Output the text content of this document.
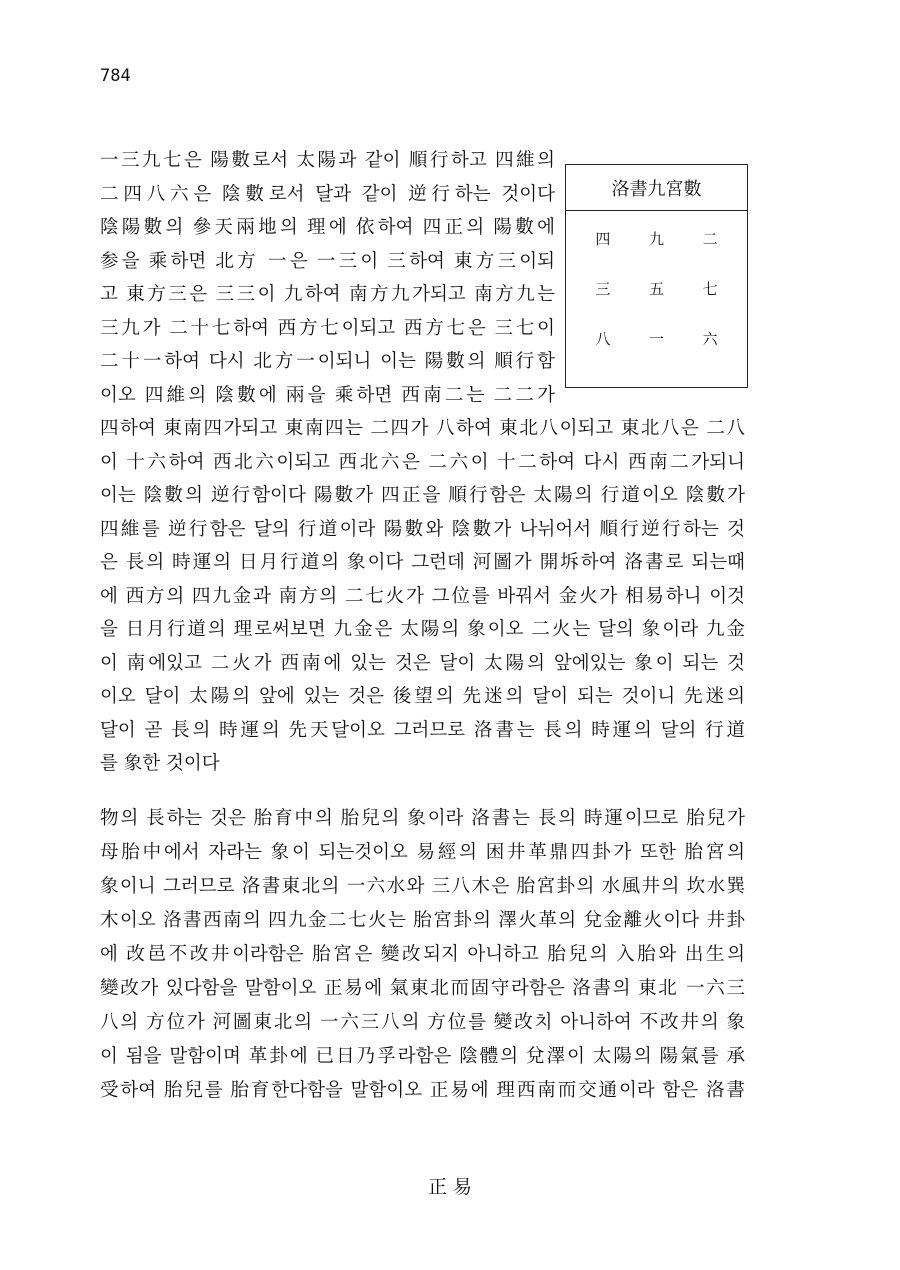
784
一三九七은 陽數로서 太陽과 같이 順行하고 四維의
二四八六은 陰數로서 달과 같이 逆行하는 것이다
陰陽數의 參天兩地의 理에 依하여 四正의 陽數에
参을 乘하면 北方 一은 一三이 三하여 東方三이되
고 東方三은 三三이 九하여 南方九가되고 南方九는
三九가 二十七하여 西方七이되고 西方七은 三七이
二十一하여 다시 北方一이되니 이는 陽數의 順行함
이오 四維의 陰數에 兩을 乘하면 西南二는 二二가
四하여 東南四가되고 東南四는 二四가 八하여 東北八이되고 東北八은 二八
이 十六하여 西北六이되고 西北六은 二六이 十二하여 다시 西南二가되니
이는 陰數의 逆行함이다 陽數가 四正을 順行함은 太陽의 行道이오 陰數가
四維를 逆行함은 달의 行道이라 陽數와 陰數가 나뉘어서 順行逆行하는 것
은 長의 時運의 日月行道의 象이다 그런데 河圖가 開坼하여 洛書로 되는때
에 西方의 四九金과 南方의 二七火가 그位를 바꿔서 金火가 相易하니 이것
을 日月行道의 理로써보면 九金은 太陽의 象이오 二火는 달의 象이라 九金
이 南에있고 二火가 西南에 있는 것은 달이 太陽의 앞에있는 象이 되는 것
이오 달이 太陽의 앞에 있는 것은 後望의 先迷의 달이 되는 것이니 先迷의
달이 곧 長의 時運의 先天달이오 그러므로 洛書는 長의 時運의 달의 行道
를 象한 것이다
洛書九宮數
四	九	二
三	五	七
八	一	六
物의 長하는 것은 胎育中의 胎兒의 象이라 洛書는 長의 時運이므로 胎兒가
母胎中에서 자라는 象이 되는것이오 易經의 困井革鼎四卦가 또한 胎宮의
象이니 그러므로 洛書東北의 一六水와 三八木은 胎宮卦의 水風井의 坎水巽
木이오 洛書西南의 四九金二七火는 胎宮卦의 澤火革의 兌金離火이다 井卦
에 改邑不改井이라함은 胎宮은 變改되지 아니하고 胎兒의 入胎와 出生의
變改가 있다함을 말함이오 正易에 氣東北而固守라함은 洛書의 東北 一六三
八의 方位가 河圖東北의 一六三八의 方位를 變改치 아니하여 不改井의 象
이 됨을 말함이며 革卦에 已日乃孚라함은 陰體의 兌澤이 太陽의 陽氣를 承
受하여 胎兒를 胎育한다함을 말함이오 正易에 理西南而交通이라 함은 洛書
正 易
